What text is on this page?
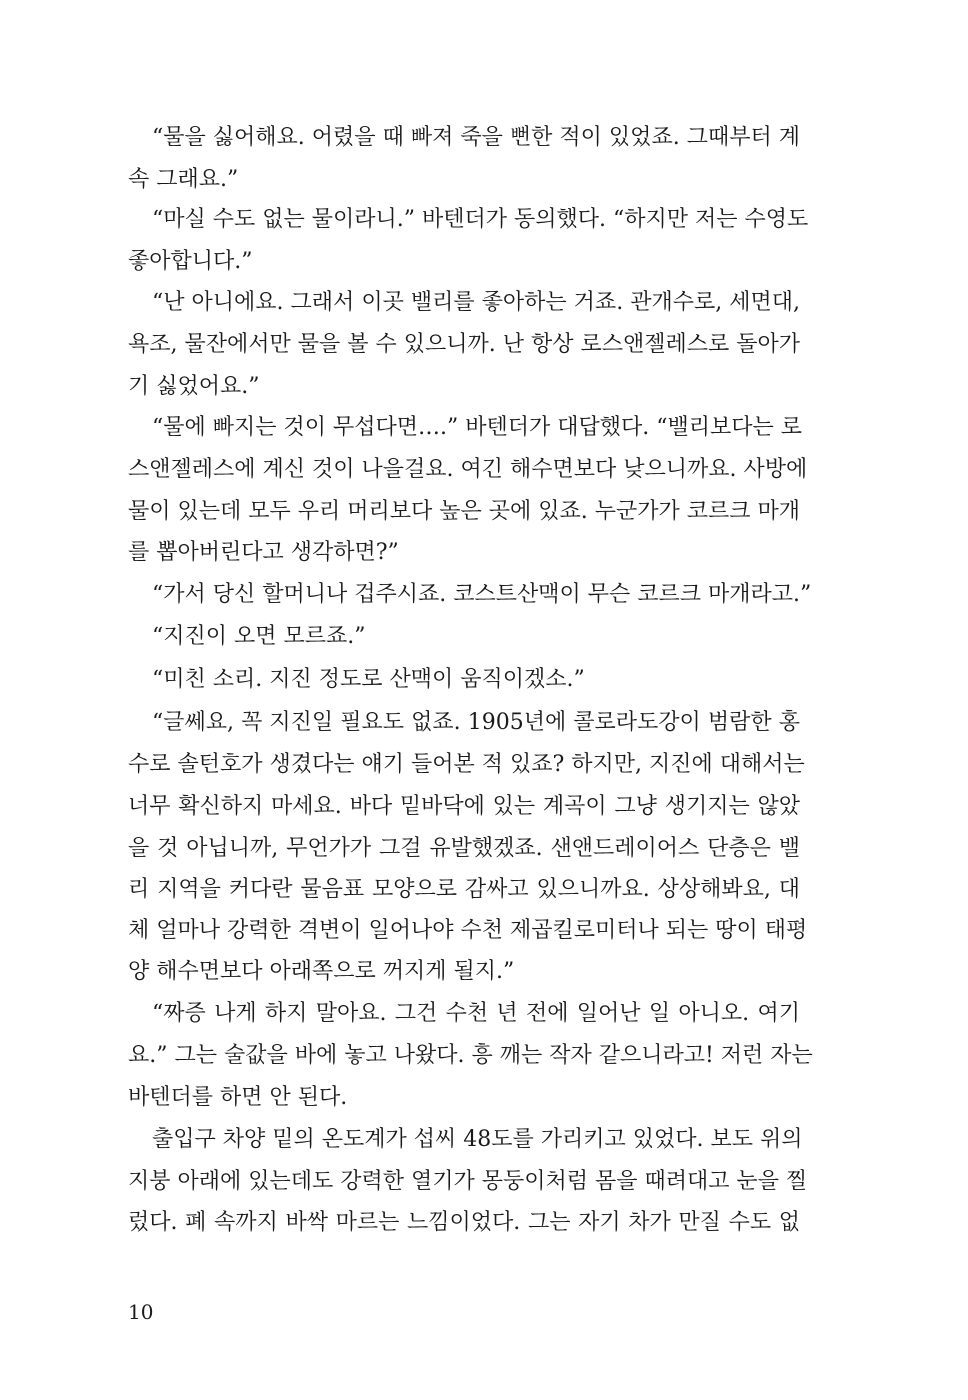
“물을 싫어해요. 어렸을 때 빠져 죽을 뻔한 적이 있었죠. 그때부터 계
속 그래요.”
“마실 수도 없는 물이라니.” 바텐더가 동의했다. “하지만 저는 수영도
좋아합니다.”
“난 아니에요. 그래서 이곳 밸리를 좋아하는 거죠. 관개수로, 세면대,
욕조, 물잔에서만 물을 볼 수 있으니까. 난 항상 로스앤젤레스로 돌아가
기 싫었어요.”
“물에 빠지는 것이 무섭다면….” 바텐더가 대답했다. “밸리보다는 로
스앤젤레스에 계신 것이 나을걸요. 여긴 해수면보다 낮으니까요. 사방에
물이 있는데 모두 우리 머리보다 높은 곳에 있죠. 누군가가 코르크 마개
를 뽑아버린다고 생각하면?”
“가서 당신 할머니나 겁주시죠. 코스트산맥이 무슨 코르크 마개라고.”
“지진이 오면 모르죠.”
“미친 소리. 지진 정도로 산맥이 움직이겠소.”
“글쎄요, 꼭 지진일 필요도 없죠. 1905년에 콜로라도강이 범람한 홍
수로 솔턴호가 생겼다는 얘기 들어본 적 있죠? 하지만, 지진에 대해서는
너무 확신하지 마세요. 바다 밑바닥에 있는 계곡이 그냥 생기지는 않았
을 것 아닙니까, 무언가가 그걸 유발했겠죠. 샌앤드레이어스 단층은 밸
리 지역을 커다란 물음표 모양으로 감싸고 있으니까요. 상상해봐요, 대
체 얼마나 강력한 격변이 일어나야 수천 제곱킬로미터나 되는 땅이 태평
양 해수면보다 아래쪽으로 꺼지게 될지.”
“짜증 나게 하지 말아요. 그건 수천 년 전에 일어난 일 아니오. 여기
요.” 그는 술값을 바에 놓고 나왔다. 흥 깨는 작자 같으니라고! 저런 자는
바텐더를 하면 안 된다.
출입구 차양 밑의 온도계가 섭씨 48도를 가리키고 있었다. 보도 위의
지붕 아래에 있는데도 강력한 열기가 몽둥이처럼 몸을 때려대고 눈을 찔
렀다. 폐 속까지 바싹 마르는 느낌이었다. 그는 자기 차가 만질 수도 없
10
